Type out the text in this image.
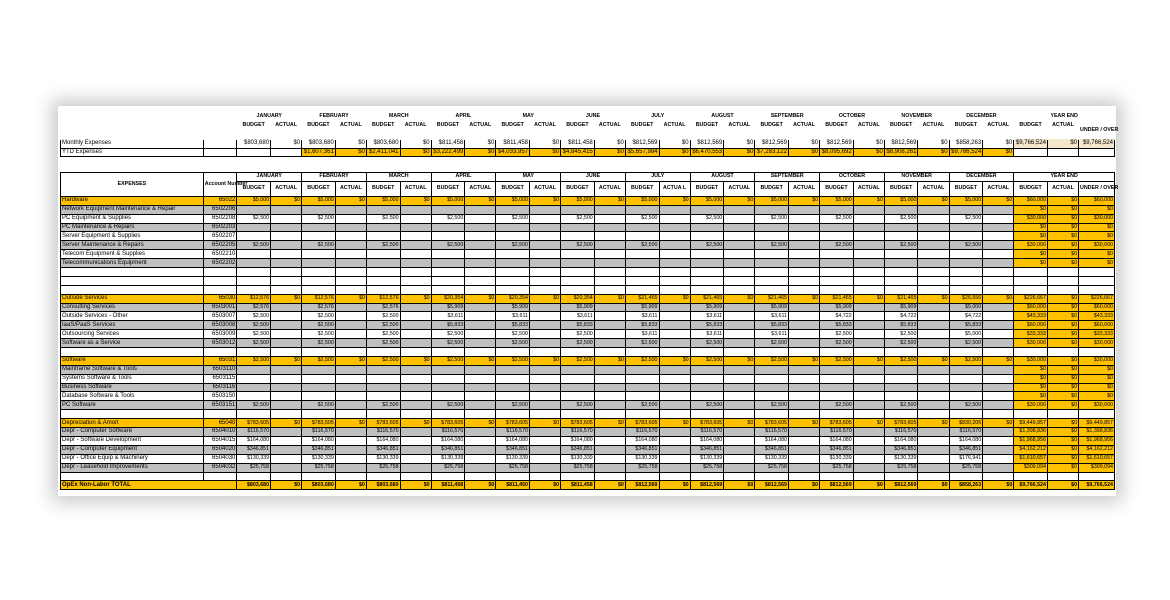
		JANUARY		FEBRUARY		MARCH		APRIL		MAY		JUNE		JULY		AUGUST		SEPTEMBER		OCTOBER		NOVEMBER		DECEMBER		YEAR END		
		BUDGET	ACTUAL	BUDGET	ACTUAL	BUDGET	ACTUAL	BUDGET	ACTUAL	BUDGET	ACTUAL	BUDGET	ACTUAL	BUDGET	ACTUAL	BUDGET	ACTUAL	BUDGET	ACTUAL	BUDGET	ACTUAL	BUDGET	ACTUAL	BUDGET	ACTUAL	BUDGET	ACTUAL	UNDER / OVER

Monthly Expenses		$803,680	$0	$803,680	$0	$803,680	$0	$811,458	$0	$811,458	$0	$811,458	$0	$812,569	$0	$812,569	$0	$812,569	$0	$812,569	$0	$812,569	$0	$858,263	$0	$9,766,524	$0	$9,766,524
YTD Expenses				$1,607,361	$0	$2,411,041	$0	$3,222,499	$0	$4,033,957	$0	$4,845,415	$0	$5,657,984	$0	$6,470,553	$0	$7,283,122	$0	$8,095,692	$0	$8,908,261	$0	$9,766,524	$0			
EXPENSES	Account Number	JANUARY		FEBRUARY		MARCH		APRIL		MAY		JUNE		JULY		AUGUST		SEPTEMBER		OCTOBER		NOVEMBER		DECEMBER		YEAR END		
		BUDGET	ACTUAL	BUDGET	ACTUAL	BUDGET	ACTUAL	BUDGET	ACTUAL	BUDGET	ACTUAL	BUDGET	ACTUAL	BUDGET	ACTUA L	BUDGET	ACTUAL	BUDGET	ACTUAL	BUDGET	ACTUAL	BUDGET	ACTUAL	BUDGET	ACTUAL	BUDGET	ACTUAL	UNDER / OVER
Hardware	65022	$5,000	$0	$5,000	$0	$5,000	$0	$5,000	$0	$5,000	$0	$5,000	$0	$5,000	$0	$5,000	$0	$5,000	$0	$5,000	$0	$5,000	$0	$5,000	$0	$60,000	$0	$60,000
Network Equipment Maintenance & Repair	6502206																									$0	$0	$0
PC Equipment & Supplies	6502208	$2,500		$2,500		$2,500		$2,500		$2,500		$2,500		$2,500		$2,500		$2,500		$2,500		$2,500		$2,500		$30,000	$0	$30,000
PC Maintenance & Repairs	6502203																									$0	$0	$0
Server Equipment & Supplies	6502207																									$0	$0	$0
Server Maintenance & Repairs	6502205	$2,500		$2,500		$2,500		$2,500		$2,500		$2,500		$2,500		$2,500		$2,500		$2,500		$2,500		$2,500		$30,000	$0	$30,000
Telecom Equipment & Supplies	6502210																									$0	$0	$0
Telecommunications Equipment	6502202																									$0	$0	$0

Outside Services	65030	$12,576	$0	$12,576	$0	$12,576	$0	$20,354	$0	$20,354	$0	$20,354	$0	$21,465	$0	$21,465	$0	$21,465	$0	$21,465	$0	$21,465	$0	$26,556	$0	$226,667	$0	$226,667
Consulting Services	6503001	$2,576		$2,576		$2,576		$5,909		$5,909		$5,909		$5,909		$5,909		$5,909		$5,909		$5,909		$5,000		$60,000	$0	$60,000
Outside Services - Other	6503007	$2,500		$2,500		$2,500		$3,611		$3,611		$3,611		$3,611		$3,611		$3,611		$4,722		$4,722		$4,722		$43,333	$0	$43,333
IaaS/PaaS Services	6503008	$2,500		$2,500		$2,500		$5,833		$5,833		$5,833		$5,833		$5,833		$5,833		$5,833		$5,833		$5,833		$60,000	$0	$60,000
Outsourcing Services	6503009	$2,500		$2,500		$2,500		$2,500		$2,500		$2,500		$3,611		$3,611		$3,611		$2,500		$2,500		$5,000		$33,333	$0	$33,333
Software as a Service	6503012	$2,500		$2,500		$2,500		$2,500		$2,500		$2,500		$2,500		$2,500		$2,500		$2,500		$2,500		$2,500		$30,000	$0	$30,000

Software	65031	$2,500	$0	$2,500	$0	$2,500	$0	$2,500	$0	$2,500	$0	$2,500	$0	$2,500	$0	$2,500	$0	$2,500	$0	$2,500	$0	$2,500	$0	$2,500	$0	$30,000	$0	$30,000
Mainframe Software & Tools	6503110																									$0	$0	$0
Systems Software & Tools	6503115																									$0	$0	$0
Business Software	6503116																									$0	$0	$0
Database Software & Tools	6503150																									$0	$0	$0
PC Software	6503151	$2,500		$2,500		$2,500		$2,500		$2,500		$2,500		$2,500		$2,500		$2,500		$2,500		$2,500		$2,500		$30,000	$0	$30,000

Depreciation & Amort	65040	$783,605	$0	$783,605	$0	$783,605	$0	$783,605	$0	$783,605	$0	$783,605	$0	$783,605	$0	$783,605	$0	$783,605	$0	$783,605	$0	$783,605	$0	$830,206	$0	$9,449,857	$0	$9,449,857
Depr - Computer Software	6504010	$116,570		$116,570		$116,570		$116,570		$116,570		$116,570		$116,570		$116,570		$116,570		$116,570		$116,570		$116,570		$1,398,836	$0	$1,398,836
Depr - Software Development	6504015	$164,080		$164,080		$164,080		$164,080		$164,080		$164,080		$164,080		$164,080		$164,080		$164,080		$164,080		$164,080		$1,968,956	$0	$1,968,956
Depr - Computer Equipment	6504020	$346,851		$346,851		$346,851		$346,851		$346,851		$346,851		$346,851		$346,851		$346,851		$346,851		$346,851		$346,851		$4,162,212	$0	$4,162,212
Depr - Office Equip & Machinery	6504030	$130,339		$130,339		$130,339		$130,339		$130,339		$130,339		$130,339		$130,339		$130,339		$130,339		$130,339		$176,941		$1,610,657	$0	$1,610,657
Depr - Leasehold Improvements	6504032	$25,758		$25,758		$25,758		$25,758		$25,758		$25,758		$25,758		$25,758		$25,758		$25,758		$25,758		$25,758		$309,094	$0	$309,094

OpEx Non-Labor TOTAL		$803,680	$0	$803,680	$0	$803,680	$0	$811,458	$0	$811,450	$0	$811,458	$0	$812,569	$0	$812,569	$0	$812,569	$0	$812,569	$0	$812,569	$0	$858,263	$0	$9,766,524	$0	$9,766,524
